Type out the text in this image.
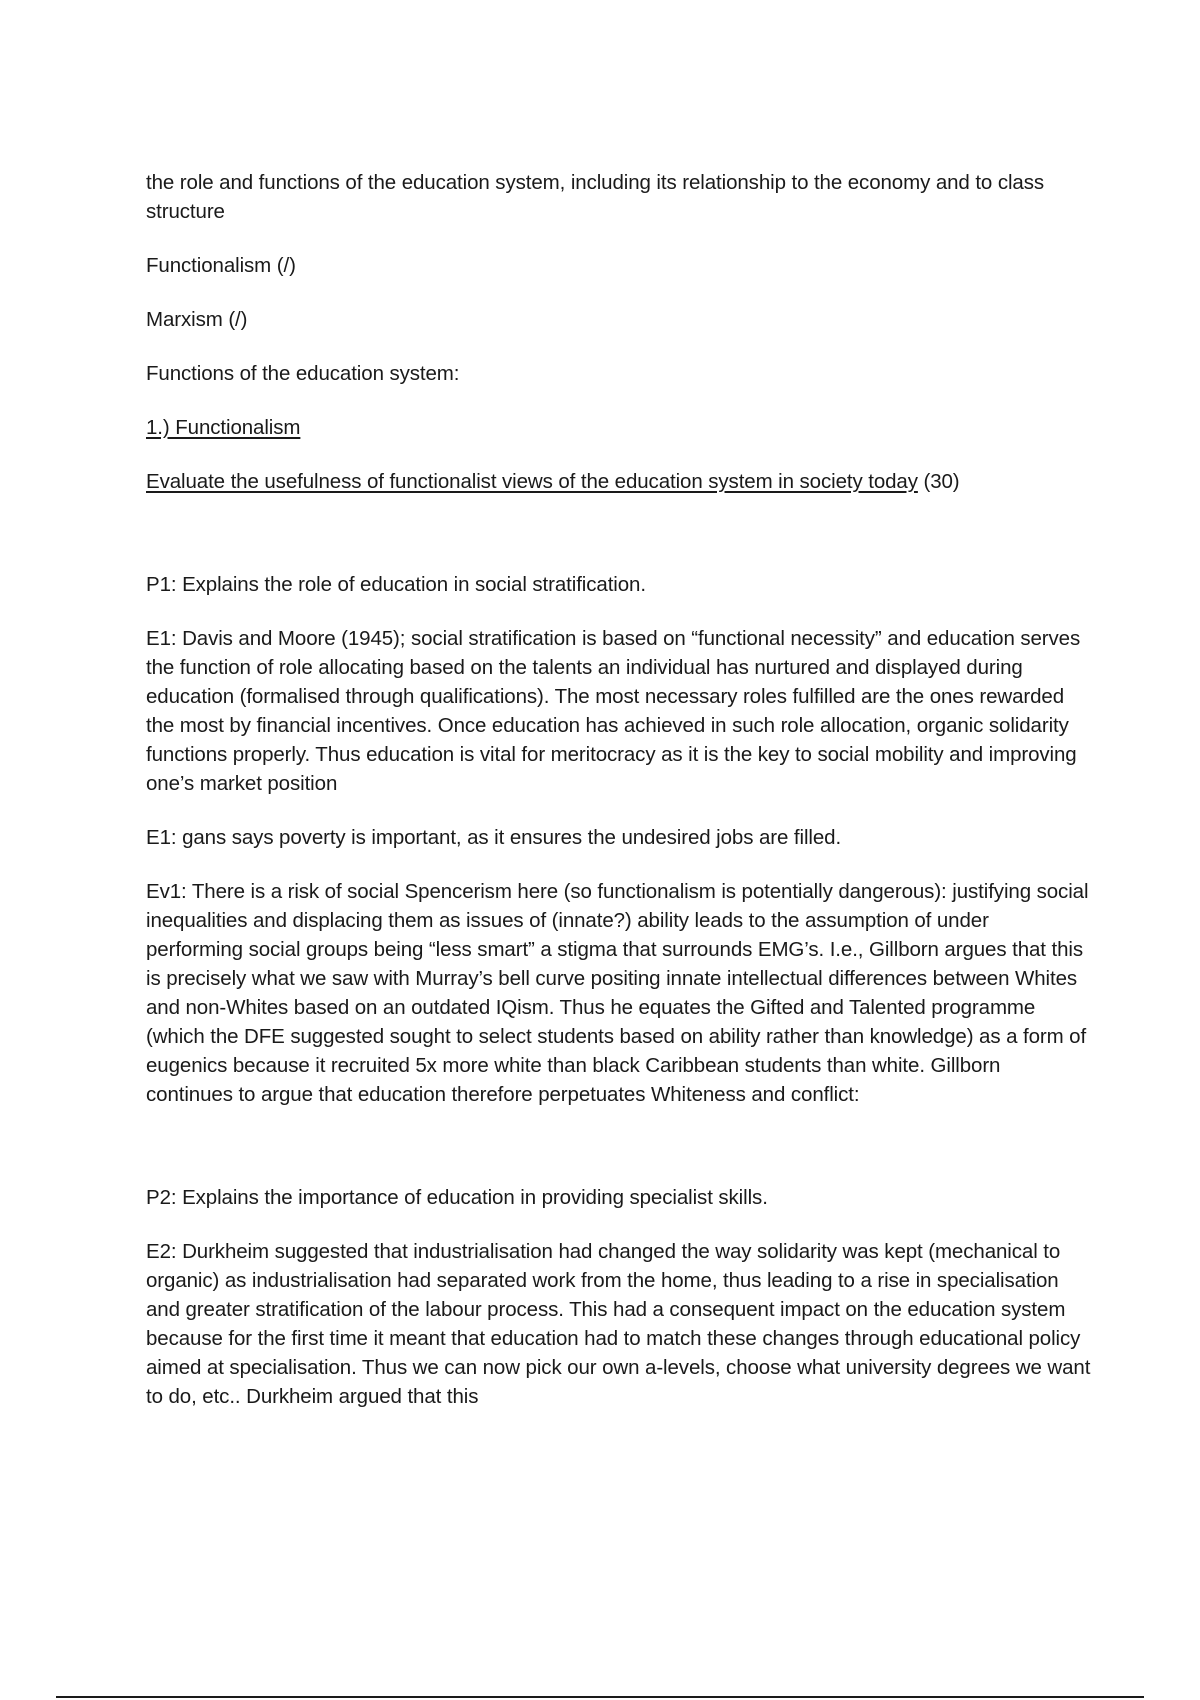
the role and functions of the education system, including its relationship to the economy and to class structure

Functionalism (/)

Marxism (/)

Functions of the education system:

1.) Functionalism

Evaluate the usefulness of functionalist views of the education system in society today (30)

P1: Explains the role of education in social stratification.

E1: Davis and Moore (1945); social stratification is based on “functional necessity” and education serves the function of role allocating based on the talents an individual has nurtured and displayed during education (formalised through qualifications). The most necessary roles fulfilled are the ones rewarded the most by financial incentives. Once education has achieved in such role allocation, organic solidarity functions properly. Thus education is vital for meritocracy as it is the key to social mobility and improving one’s market position

E1: gans says poverty is important, as it ensures the undesired jobs are filled.

Ev1: There is a risk of social Spencerism here (so functionalism is potentially dangerous): justifying social inequalities and displacing them as issues of (innate?) ability leads to the assumption of under performing social groups being “less smart” a stigma that surrounds EMG’s. I.e., Gillborn argues that this is precisely what we saw with Murray’s bell curve positing innate intellectual differences between Whites and non-Whites based on an outdated IQism. Thus he equates the Gifted and Talented programme (which the DFE suggested sought to select students based on ability rather than knowledge) as a form of eugenics because it recruited 5x more white than black Caribbean students than white. Gillborn continues to argue that education therefore perpetuates Whiteness and conflict:

P2: Explains the importance of education in providing specialist skills.

E2: Durkheim suggested that industrialisation had changed the way solidarity was kept (mechanical to organic) as industrialisation had separated work from the home, thus leading to a rise in specialisation and greater stratification of the labour process. This had a consequent impact on the education system because for the first time it meant that education had to match these changes through educational policy aimed at specialisation. Thus we can now pick our own a-levels, choose what university degrees we want to do, etc.. Durkheim argued that this
